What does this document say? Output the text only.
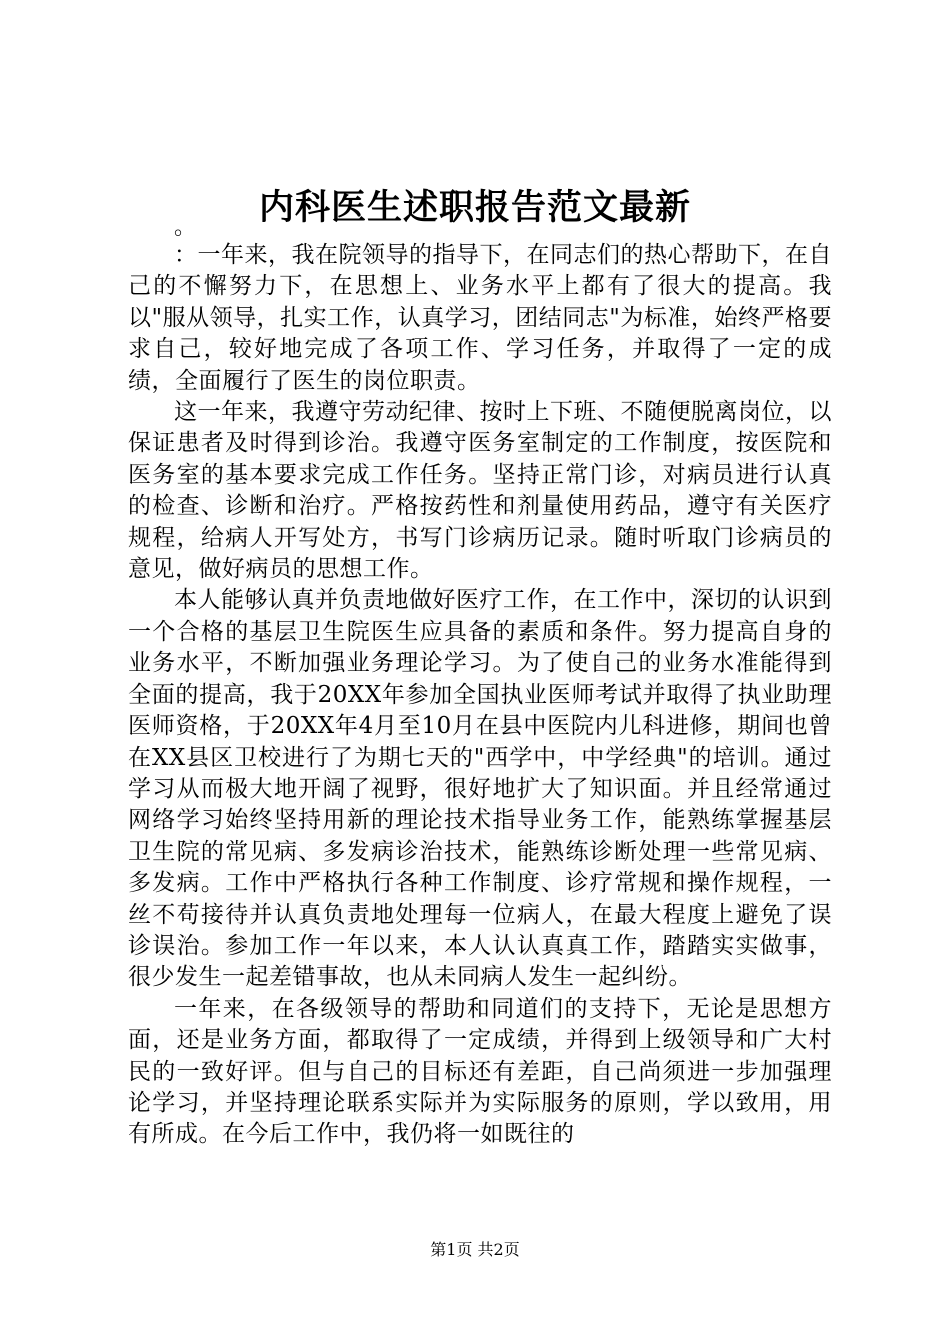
内科医生述职报告范文最新
。

：一年来，我在院领导的指导下，在同志们的热心帮助下，在自己的不懈努力下，在思想上、业务水平上都有了很大的提高。我以"服从领导，扎实工作，认真学习，团结同志"为标准，始终严格要求自己，较好地完成了各项工作、学习任务，并取得了一定的成绩，全面履行了医生的岗位职责。

这一年来，我遵守劳动纪律、按时上下班、不随便脱离岗位，以保证患者及时得到诊治。我遵守医务室制定的工作制度，按医院和医务室的基本要求完成工作任务。坚持正常门诊，对病员进行认真的检查、诊断和治疗。严格按药性和剂量使用药品，遵守有关医疗规程，给病人开写处方，书写门诊病历记录。随时听取门诊病员的意见，做好病员的思想工作。

本人能够认真并负责地做好医疗工作，在工作中，深切的认识到一个合格的基层卫生院医生应具备的素质和条件。努力提高自身的业务水平，不断加强业务理论学习。为了使自己的业务水准能得到全面的提高，我于20XX年参加全国执业医师考试并取得了执业助理医师资格，于20XX年4月至10月在县中医院内儿科进修，期间也曾在XX县区卫校进行了为期七天的"西学中，中学经典"的培训。通过学习从而极大地开阔了视野，很好地扩大了知识面。并且经常通过网络学习始终坚持用新的理论技术指导业务工作，能熟练掌握基层卫生院的常见病、多发病诊治技术，能熟练诊断处理一些常见病、多发病。工作中严格执行各种工作制度、诊疗常规和操作规程，一丝不苟接待并认真负责地处理每一位病人，在最大程度上避免了误诊误治。参加工作一年以来，本人认认真真工作，踏踏实实做事，很少发生一起差错事故，也从未同病人发生一起纠纷。

一年来，在各级领导的帮助和同道们的支持下，无论是思想方面，还是业务方面，都取得了一定成绩，并得到上级领导和广大村民的一致好评。但与自己的目标还有差距，自己尚须进一步加强理论学习，并坚持理论联系实际并为实际服务的原则，学以致用，用有所成。在今后工作中，我仍将一如既往的

第1页 共2页
